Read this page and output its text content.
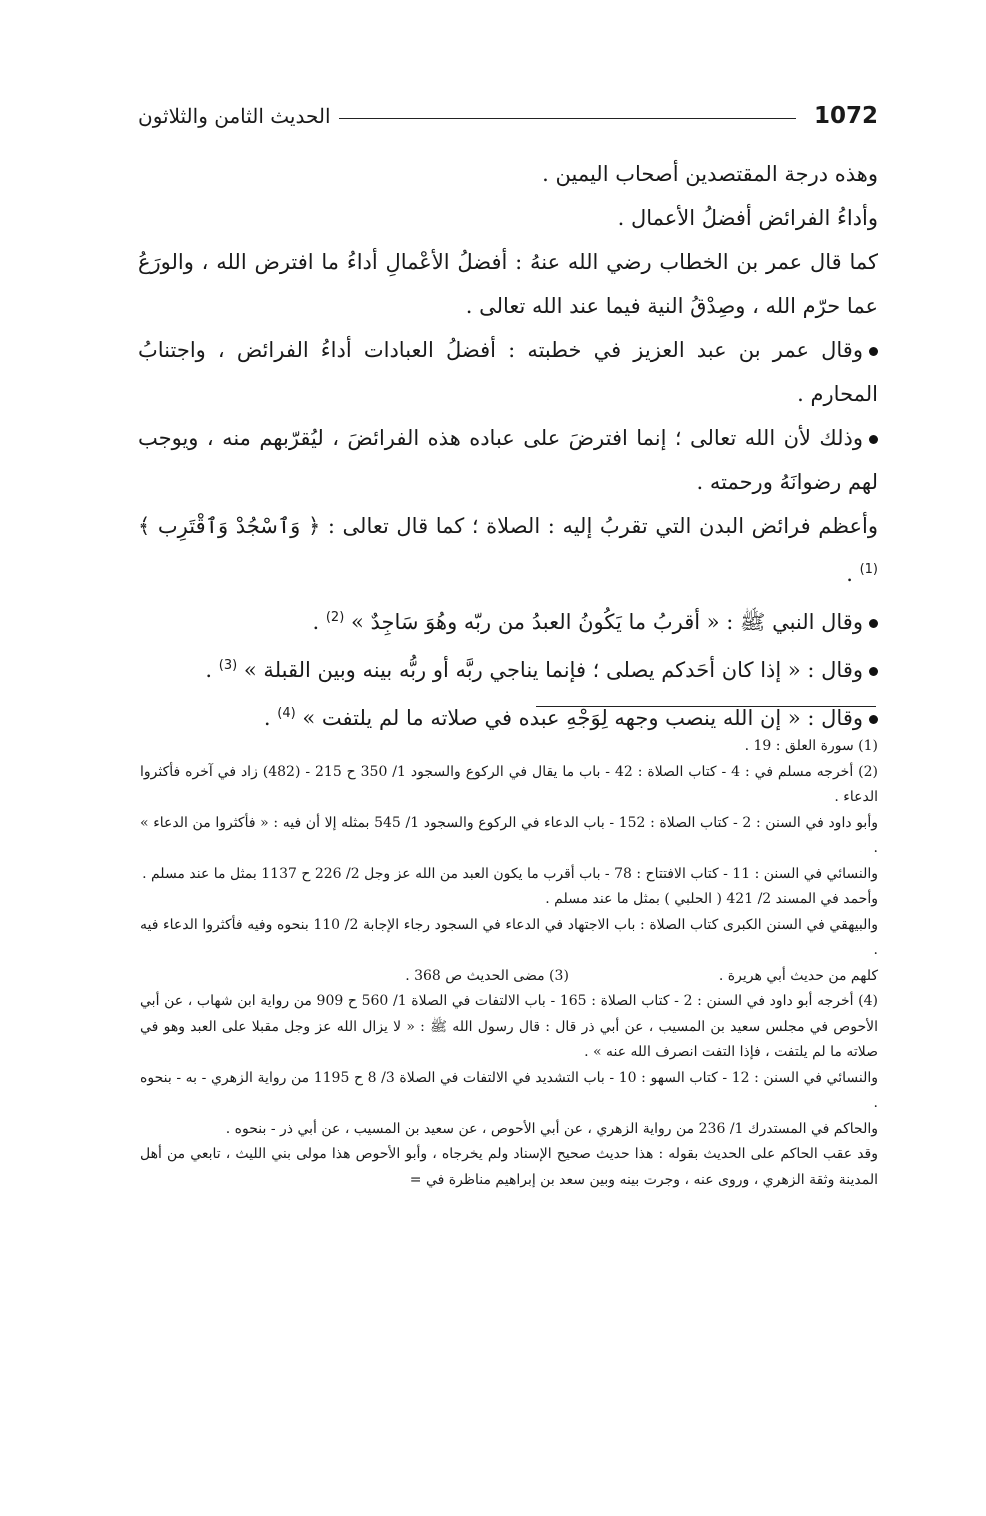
1072
الحديث الثامن والثلاثون

وهذه درجة المقتصدين أصحاب اليمين .

وأداءُ الفرائض أفضلُ الأعمال .

كما قال عمر بن الخطاب رضي الله عنهُ : أفضلُ الأعْمالِ أداءُ ما افترض الله ، والورَعُ عما حرّم الله ، وصِدْقُ النية فيما عند الله تعالى .

وقال عمر بن عبد العزيز في خطبته : أفضلُ العبادات أداءُ الفرائض ، واجتنابُ المحارم .

وذلك لأن الله تعالى ؛ إنما افترضَ على عباده هذه الفرائضَ ، ليُقرّبهم منه ، ويوجب لهم رضوانَهُ ورحمته .

وأعظم فرائض البدن التي تقربُ إليه : الصلاة ؛ كما قال تعالى : ﴿ وَٱسْجُدْ وَٱقْتَرِب ﴾ $^{(1)}$ .

وقال النبي ﷺ : « أقربُ ما يَكُونُ العبدُ من ربّه وهُوَ سَاجِدٌ » $^{(2)}$ .

وقال : « إذا كان أحَدكم يصلى ؛ فإنما يناجي ربَّه أو ربُّه بينه وبين القبلة » $^{(3)}$ .

وقال : « إن الله ينصب وجهه لِوَجْهِ عبده في صلاته ما لم يلتفت » $^{(4)}$ .

(1) سورة العلق : 19 .

(2) أخرجه مسلم في : 4 - كتاب الصلاة : 42 - باب ما يقال في الركوع والسجود 1/ 350 ح 215 - (482) زاد في آخره فأكثروا الدعاء .

وأبو داود في السنن : 2 - كتاب الصلاة : 152 - باب الدعاء في الركوع والسجود 1/ 545 بمثله إلا أن فيه : « فأكثروا من الدعاء » .

والنسائي في السنن : 11 - كتاب الافتتاح : 78 - باب أقرب ما يكون العبد من الله عز وجل 2/ 226 ح 1137 بمثل ما عند مسلم .

وأحمد في المسند 2/ 421 ( الحلبي ) بمثل ما عند مسلم .

والبيهقي في السنن الكبرى كتاب الصلاة : باب الاجتهاد في الدعاء في السجود رجاء الإجابة 2/ 110 بنحوه وفيه فأكثروا الدعاء فيه .

كلهم من حديث أبي هريرة .

(3) مضى الحديث ص 368 .

(4) أخرجه أبو داود في السنن : 2 - كتاب الصلاة : 165 - باب الالتفات في الصلاة 1/ 560 ح 909 من رواية ابن شهاب ، عن أبي الأحوص في مجلس سعيد بن المسيب ، عن أبي ذر قال : قال رسول الله ﷺ : « لا يزال الله عز وجل مقبلا على العبد وهو في صلاته ما لم يلتفت ، فإذا التفت انصرف الله عنه » .

والنسائي في السنن : 12 - كتاب السهو : 10 - باب التشديد في الالتفات في الصلاة 3/ 8 ح 1195 من رواية الزهري - به - بنحوه .

والحاكم في المستدرك 1/ 236 من رواية الزهري ، عن أبي الأحوص ، عن سعيد بن المسيب ، عن أبي ذر - بنحوه .

وقد عقب الحاكم على الحديث بقوله : هذا حديث صحيح الإسناد ولم يخرجاه ، وأبو الأحوص هذا مولى بني الليث ، تابعي من أهل المدينة وثقة الزهري ، وروى عنه ، وجرت بينه وبين سعد بن إبراهيم مناظرة في =
